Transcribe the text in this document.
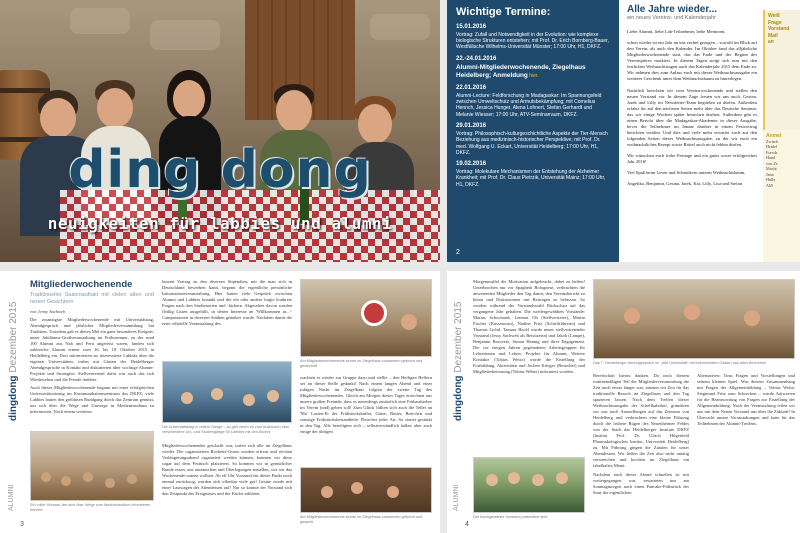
ding dong
neuigkeiten für labbies und alumni
Wichtige Termine:
15.01.2016
Vortrag: Zufall und Notwendigkeit in der Evolution: wie komplexe biologische Strukturen entstehen; mit Prof. Dr. Erich Bornberg-Bauer, Westfälische Wilhelms-Universität Münster; 17:00 Uhr, H1, DKFZ.
22.-24.01.2016
Alumni-Mitgliederwochenende, Ziegelhaus Heidelberg; Anmeldung hier.
22.01.2016
Alumni-Lecture: Feldforschung in Madagaskar: Im Spannungsfeld zwischen Umweltschutz und Armutsbekämpfung; mit Cornelius Hennch, Jessica Hunger, Alena Lohnert, Stefan Gerhardt und Melanie Wiesser; 17:00 Uhr, ATV-Seminarraum, DKFZ.
29.01.2016
Vortrag: Philosophisch-kulturgeschichtliche Aspekte der Tier-Mensch Beziehung aus medizinisch-historischer Perspektive; mit Prof. Dr. med. Wolfgang U. Eckart, Universität Heidelberg; 17:00 Uhr, H1, DKFZ.
19.02.2016
Vortrag: Molekulare Mechanismen der Entstehung der Alzheimer Krankheit; mit Prof. Dr. Claus Pietrzik, Universität Mainz; 17:00 Uhr, H1, DKFZ.
2
Alle Jahre wieder...
ein neues Vereins- und Kalenderjahr

Liebe Alumni, liebe Lab-Teilnehmer, liebe Mentoren,

schon wieder ist ein Jahr an uns vorbei gezogen – sowohl im Blick auf den Verein, als auch den Kalender. Im Oktober fand das alljährliche Mitgliederwochenende statt, das das Ende und der Beginn des Vereinsjahres markiert. In diesem Tagen steigt sich nun mit den festlichen Weihnachtstagen auch das Kalenderjahr 2015 dem Ende zu. Wir nehmen dies zum Anlass euch mit dieser Weihnachtsausgabe ein weiteres Geschenk unter dem Weihnachtsbaum zu hinterlegen.

Natürlich berichten wir vom Vereinswochenende und stellen den neuen Vorstand vor. In diesem Zuge freuen wir uns auch, Gesina, Jarek und Lilly im Newsletter-Team begrüßen zu dürfen. Außerdem erfahrt ihr auf den nächsten Seiten mehr über das Deutsche Seminar, das wir einige Wochen später besuchen durften. Außerdem gibt es einen Bericht über die Madagaskar-Akademie in dieser Ausgabe, bevor die Teilnehmer im Januar darüber in einem Festvortrag berichten werden. Und dies und viele mehr erwartet euch auf den folgenden Seiten dieser Weihnachtsausgabe, zu der wir euch ein weihnachtliches Rezept sowie Rätsel auch nicht fehlen dürfen.

Wir wünschen euch frohe Festtage und ein gutes sowie erfolgreiches Jahr 2016!

Viel Spaß beim Lesen und Schmökern unterm Weihnachtsbaum,

Angelika, Benjamin, Gesina, Jarek, Kai, Lilly, Lisa und Stefan

Weiß
Frage
Vorstand
Mail
an
Anmel
Zwisch
Heidel
Forsch
Hand
von Ze
Macht
Jann
Hülle
AM
dingdong Dezember 2015
ALUMNI
Mitgliederwochenende
Traditioneller Saisonauftakt mit vielen alten und neuen Gesichtern
von Jenny Sachweh
Die zwanzigste Mitgliederwochenende mit Universitätstag, Abendgespräch und jährlicher Mitgliederversammlung hat Tradition. Trotzdem gab es dieses Mal ein ganz besonderes Ereignis: unser Jubiläums-Großveranstaltung im Frühsommer, zu der rund 100 Alumni aus Nah und Fern angereist waren, fanden sich zahlreiche Alumni erneut vom 16. bis 18. Oktober 2015 in Heidelberg ein. Dort informierten sie interessierte Labbies über die eigenen Universitäten, trafen mit Gästen der Heidelberger Abendgespräche in Kontakt und diskutierten über wichtige Alumni-Projekte und Strategien. Stellvertretend dafür war auch das sich Wiedersehen und die Freude darüber.
Auch dieses Mitgliederwochenende begann mit einer erfolgreichen Universitätssitzung im Kommunikationszentrum des DKFZ; viele Labbies hatten den geführten Rundgang durch das Zentrum genutzt, um sich über die Wege und Umwege in Medizinstudium zu informieren. Nach einem weiteren
Ein voller Hörsaal, der sich über Wege zum Medizinstudium informieren möchte.
3
kurzen Vortrag zu den diversen Stipendien, mit die man sich in Deutschland bewerben kann, begann die eigentliche persönliche Informationsveranstaltung. Hier hatten viele Gespräch zwischen Alumni und Labbies kontakt und der ein oder andere fragte konkrete Fragen nach den Studienorten und -fächern. Abgesehen davon wurden fleißig Listen ausgefüllt, in denen Interesse an 'Willkommen in...'-Campustouren in diversen Städten geäußert wurde. Nachdem damit die erste offizielle Veranstaltung des
Die Universitätstag in vollem Gange – so galt vielen es zum Austausch über verschiedene Uni- und Studiengänge für Labbies mit den Alumni.
Mitgliederwochenendes geschafft war, trafen sich alle im Ziegelhaus wieder. Die organisierten Rockette-Gurus wurden erfreut und reichen Verlängerungsabend organisiert werden können, konnten wir diese sogar auf dem Festtisch platzieren. So konnten wir in gemütlicher Runde essen, uns austauschen und Überlegungen anstellen, wie wir das Wochenende nutzen wollten. Ab elf Uhr Vorstand ein dieser Punkt noch einmal zurückzog, wurden sich offenbar viele gar! Gesine wurde mit einer Lastwagen des Abendessen auf! Nur so konnte der Vorstand sich den Zeitpunkt des Ereignisses und der Küche erklären.
Am Mitgliederwochenende wurde im Ziegelhaus zusammen gekocht und gesiechelt
wachten er wieder zur Gruppe dazu und stellte – den Heiligen Helfern sei an dieser Stelle gedankt! Nach einem langen Abend und einer ruhigen Nacht im Ziegelhaus folgten der zweite Tag des Mitgliederwochenendes. Gleich am Morgen dieses Tages erreichten uns unsere großen Freunde, dass es neuerdings zusätzlich eine Frühaufsteher im Verein (und) geben soll! Zum Glück füllten sich auch die Teller an 'Mo' Lasten-Ei der Frühstücksbuffet, Gäste, Butter, Brötchen und sonstige Frühstücksbestandteile: Fleischer jeder Art. So startet gestärkt in den Tag. Alle beteiligten sich – selbstverständlich halber aber auch einige der übrigen
Am Mitgliederwochenende wurde im Ziegelhaus zusammen gekocht und gespielt
dingdong Dezember 2015
ALUMNI
Morgenmuffel die Motivation aufgebracht, dabei zu helfen! Unterbrochen nur vor Spaghetti Bolognese, verbrachten die anwesenden Mitglieder den Tag damit, den Vereinsbericht zu hören und Diskussionen mit Beiträgen zu befassen. So wurden während der Vorstandswahl Rückschau auf das vergangene Jahr gehalten. Die wiedergewählten Vorstände: Marius Schuchardt, Lennart Oh (Stellvertreter), Martin Fischer (Kassenwart), Nadine Fritz (Schriftführerin) und Thomas Lichtl. Tamara Hackl wurde neuer stellvertretender Vorstand (Jessy Sachweh als Beisitzerin) und Jakob (Lampe), Benjamin Borovetz, Simon Hennig und ihrer Engagement. Die vor einigen Jahren gegründeten Arbeitsgruppen für Lehrerinnen und Lehrer, Projekte für Alumni, Weitere Kontakte (Tobias Weisz) wurde die Erstellung der Fortbildung, Aktivitäten und Jochen Krieger (Besucher) und Mitgliederbetreuung (Tobias Weber) informiert worden.
Der frischgewählte Vorstand präsentiert sich.
4
Das 7. Heidelberger Abendgespräch im „Alte Universität“ mit interessierten Gästen aus allen Bereichen
Bereitschaft hierzu danken. Da nach diesem routinemäßigen Teil der Mitgliederversammlung die Zeit noch etwas länger war, nutzten wir Zeit für das traditionelle Besuch im Ziegelhaus und den Tag spazieren lassen. Nach dem Treffen dieser Weihnachtsausgabe der Schelfbahnhof, gründeten wir uns noch Ausstellungen auf das Zentrum von Heidelberg und verbrachten eine kleine Führung durch die frühere Rügen des Neuenheimer Feldes von der Stadt das Heidelberger Institute DKFZ (Institut Prof. Dr. Ulrich Hilgenfeld Pharmakologisches Institut, Universität Heidelberg) zu. Mit Führung gingen die Zutaten für unser Abendessen. Wir ließen die Zeit also nicht untätig verstreichen und kochten im Ziegelhaus ein fabelhaftes Menü.
Nachdem auch dieser Abend schnellen ist mit weitergegangen war, erwarteten uns am Sonntagmorgen auch einen Pancake-Frühstück der Start der eigentlichen
Alternativen: Tims Fragen und Vorstellungen und seinem kleinen Spiel. Was diesem Zusammenhang mit Fragen der Allgemeinbildung – Tobias Weise, Siegmund Fritz zum Schrecken – wurde Antworten für die Beantwortung von Fragen zur Erstellung der Allgemeinbildung. Nach der Veranstaltung teilen wir uns mit dem Neuen Vorstand uns über die Zukunft! In Übersicht unsere Veranstaltungen und hatte für das Teilnehmen der Alumni-Treffens.
